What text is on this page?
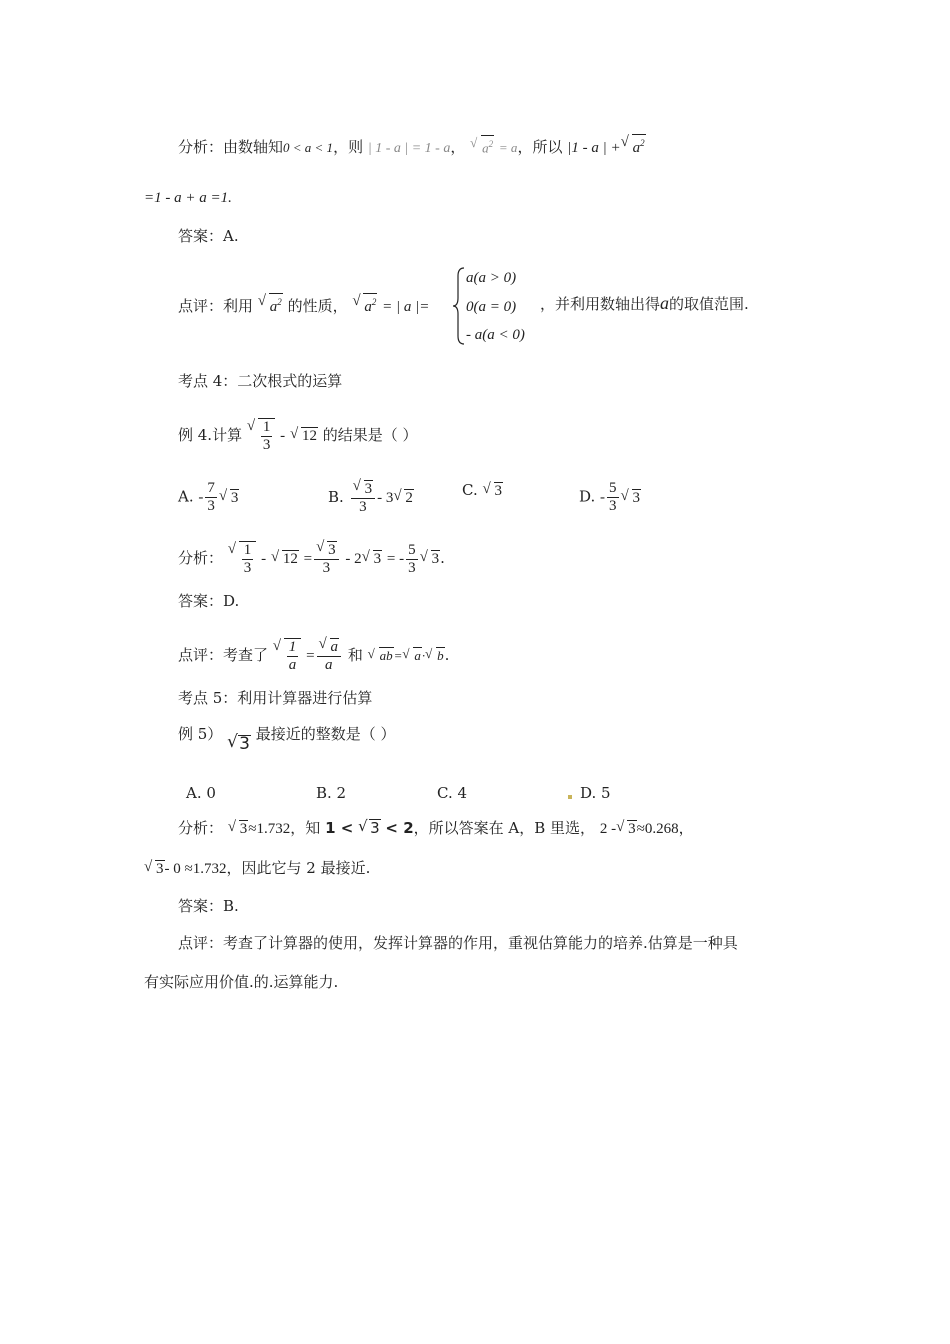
分析：由数轴知0 < a < 1，则 | 1 - a | = 1 - a， √ $a^2 = a$，所以 |1 - a | +√ $a^2$
=1 - a + a =1.
答案：A.
点评：利用 √ $a^2$ 的性质， √ $a^2$ = | a |=
a(a > 0)
0(a = 0)
- a(a < 0)
，并利用数轴出得a的取值范围.
考点 4：二次根式的运算
例 4.计算
√ $\frac{1}{3}$ - √ 12 的结果是（ ）
A. - $\frac{7}{3}$
√ 3	B.
√ $\frac{3}{3} - 3√$ 2	C. √ 3	D. - $\frac{5}{3}$
√ 3
分析：
√ $\frac{1}{3}$ - √ 12 =
√ $\frac{3}{3} - 2√$ 3 = - $\frac{5}{3}$
√ 3.
答案：D.
点评：考查了
√ $\frac{1}{a}$ =
√ $\frac{a}{a}$ 和 √ ab=√ a·√ b.
考点 5：利用计算器进行估算
例 5） √ 3 最接近的整数是（ ）
A. 0	B. 2	C. 4	D. 5
分析： √ 3≈1.732，知 1 < √ 3 < 2，所以答案在 A，B 里选， 2 -√ 3≈0.268，
√ 3- 0 ≈1.732，因此它与 2 最接近.
答案：B.
点评：考查了计算器的使用，发挥计算器的作用，重视估算能力的培养.估算是一种具
有实际应用价值.的.运算能力.
